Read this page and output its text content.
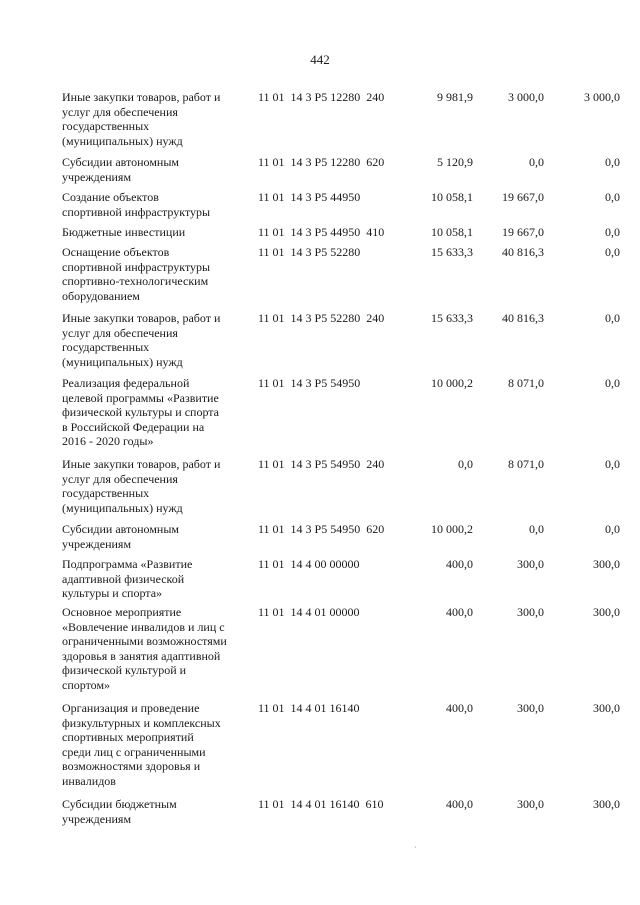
442
Иные закупки товаров, работ и
услуг для обеспечения
государственных
(муниципальных) нужд
11 01  14 3 P5 12280  240	9 981,9	3 000,0	3 000,0
Субсидии автономным
учреждениям
11 01  14 3 P5 12280  620	5 120,9	0,0	0,0
Создание объектов
спортивной инфраструктуры
11 01  14 3 P5 44950	10 058,1	19 667,0	0,0
Бюджетные инвестиции	11 01  14 3 P5 44950  410	10 058,1	19 667,0	0,0
Оснащение объектов
спортивной инфраструктуры
спортивно-технологическим
оборудованием
11 01  14 3 P5 52280	15 633,3	40 816,3	0,0
Иные закупки товаров, работ и
услуг для обеспечения
государственных
(муниципальных) нужд
11 01  14 3 P5 52280  240	15 633,3	40 816,3	0,0
Реализация федеральной
целевой программы «Развитие
физической культуры и спорта
в Российской Федерации на
2016 - 2020 годы»
11 01  14 3 P5 54950	10 000,2	8 071,0	0,0
Иные закупки товаров, работ и
услуг для обеспечения
государственных
(муниципальных) нужд
11 01  14 3 P5 54950  240	0,0	8 071,0	0,0
Субсидии автономным
учреждениям
11 01  14 3 P5 54950  620	10 000,2	0,0	0,0
Подпрограмма «Развитие
адаптивной физической
культуры и спорта»
11 01  14 4 00 00000	400,0	300,0	300,0
Основное мероприятие
«Вовлечение инвалидов и лиц с
ограниченными возможностями
здоровья в занятия адаптивной
физической культурой и
спортом»
11 01  14 4 01 00000	400,0	300,0	300,0
Организация и проведение
физкультурных и комплексных
спортивных мероприятий
среди лиц с ограниченными
возможностями здоровья и
инвалидов
11 01  14 4 01 16140	400,0	300,0	300,0
Субсидии бюджетным
учреждениям
11 01  14 4 01 16140  610	400,0	300,0	300,0
·
